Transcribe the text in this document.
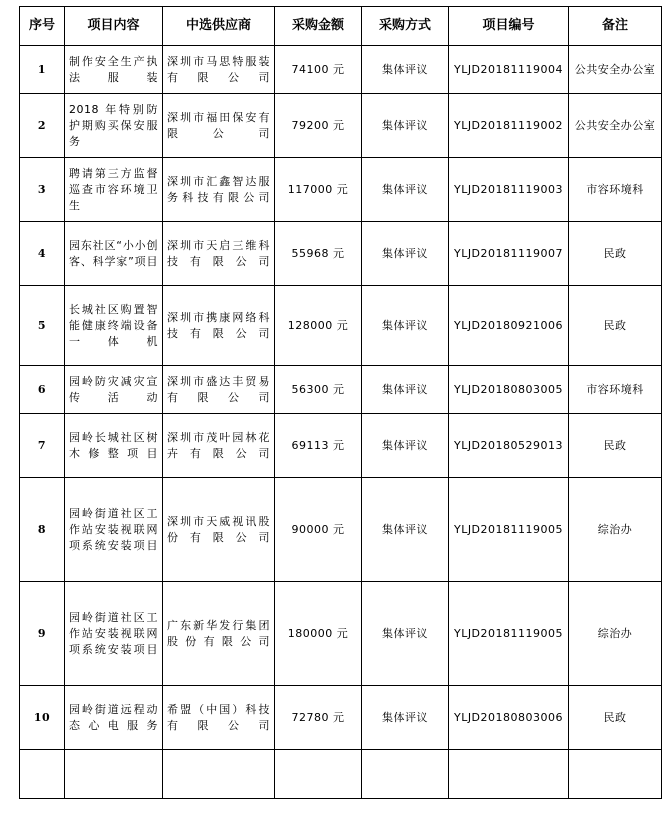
序号	项目内容	中选供应商	采购金额	采购方式	项目编号	备注
1	制作安全生产执法服装	深圳市马思特服装有限公司	74100 元	集体评议	YLJD20181119004	公共安全办公室
2	2018 年特别防护期购买保安服务	深圳市福田保安有限公司	79200 元	集体评议	YLJD20181119002	公共安全办公室
3	聘请第三方监督巡查市容环境卫生	深圳市汇鑫智达服务科技有限公司	117000 元	集体评议	YLJD20181119003	市容环境科
4	园东社区“小小创客、科学家”项目	深圳市天启三维科技有限公司	55968 元	集体评议	YLJD20181119007	民政
5	长城社区购置智能健康终端设备一体机	深圳市携康网络科技有限公司	128000 元	集体评议	YLJD20180921006	民政
6	园岭防灾减灾宣传活动	深圳市盛达丰贸易有限公司	56300 元	集体评议	YLJD20180803005	市容环境科
7	园岭长城社区树木修整项目	深圳市茂叶园林花卉有限公司	69113 元	集体评议	YLJD20180529013	民政
8	园岭街道社区工作站安装视联网项系统安装项目	深圳市天威视讯股份有限公司	90000 元	集体评议	YLJD20181119005	综治办
9	园岭街道社区工作站安装视联网项系统安装项目	广东新华发行集团股份有限公司	180000 元	集体评议	YLJD20181119005	综治办
10	园岭街道远程动态心电服务	希盟（中国）科技有限公司	72780 元	集体评议	YLJD20180803006	民政
